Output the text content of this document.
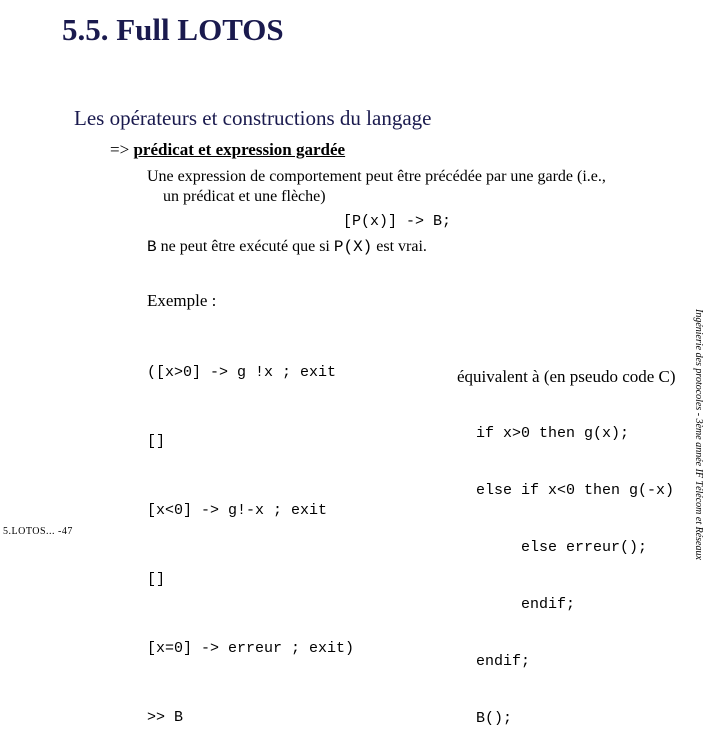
5.5. Full LOTOS
Les opérateurs et constructions du langage
=> prédicat et expression gardée
Une expression de comportement peut être précédée par une garde (i.e.,
un prédicat et une flèche)
[P(x)] -> B;
B ne peut être exécuté que si P(X) est vrai.
Exemple :

([x>0] -> g !x ; exit

[]

[x<0] -> g!-x ; exit

[]

[x=0] -> erreur ; exit)

>> B

équivalent à (en pseudo code C)

if x>0 then g(x);

else if x<0 then g(-x)

else erreur();

endif;

endif;

B();

5.LOTOS... -47	Ingénierie des protocoles - 3ème année IF Télécom et Réseaux
